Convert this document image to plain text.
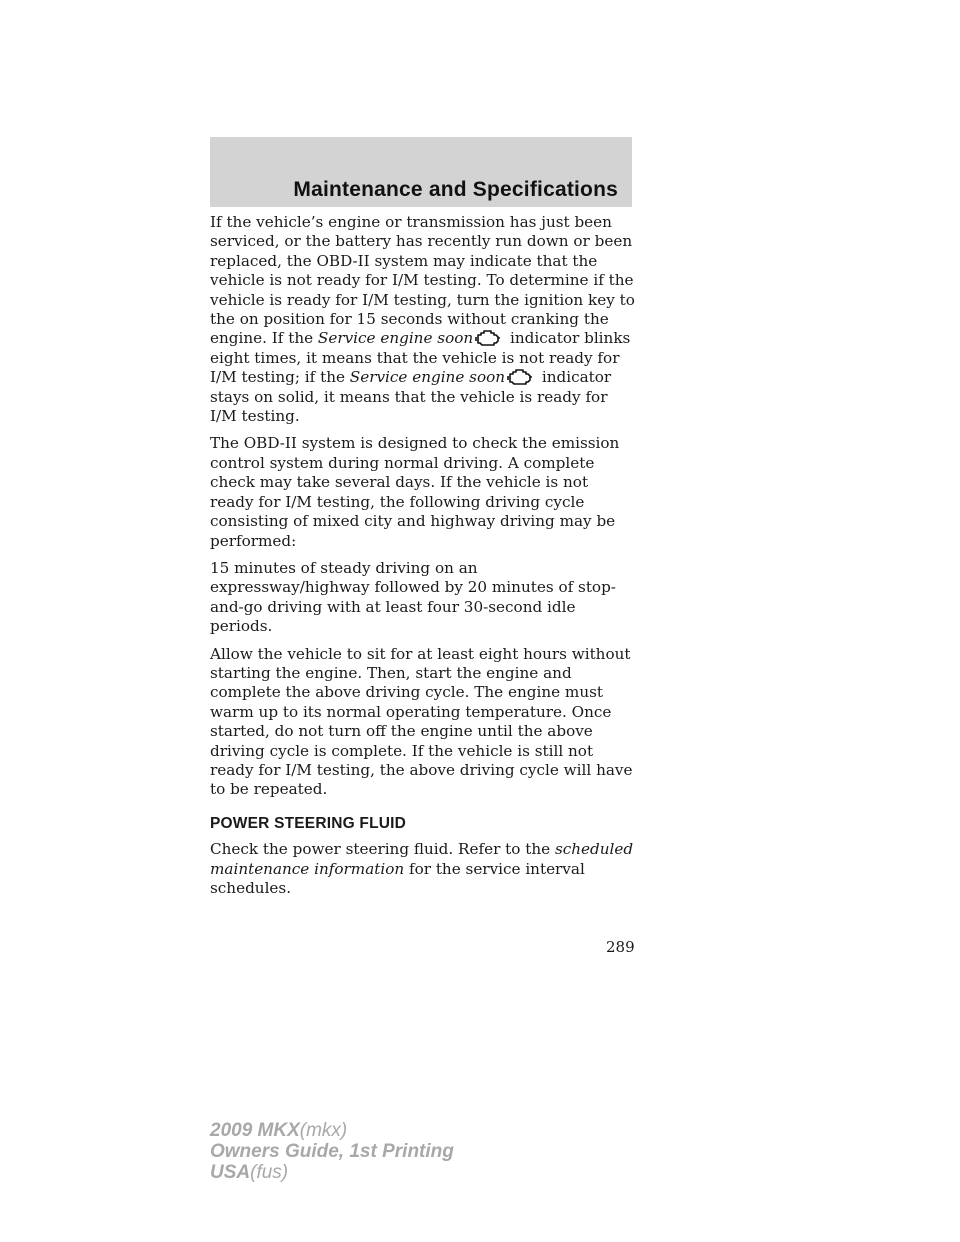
Maintenance and Specifications

If the vehicle’s engine or transmission has just been serviced, or the battery has recently run down or been replaced, the OBD-II system may indicate that the vehicle is not ready for I/M testing. To determine if the vehicle is ready for I/M testing, turn the ignition key to the on position for 15 seconds without cranking the engine. If the Service engine soon
indicator blinks eight times, it means that the vehicle is not ready for I/M testing; if the Service engine soon
indicator stays on solid, it means that the vehicle is ready for I/M testing.

The OBD-II system is designed to check the emission control system during normal driving. A complete check may take several days. If the vehicle is not ready for I/M testing, the following driving cycle consisting of mixed city and highway driving may be performed:

15 minutes of steady driving on an expressway/highway followed by 20 minutes of stop-and-go driving with at least four 30-second idle periods.

Allow the vehicle to sit for at least eight hours without starting the engine. Then, start the engine and complete the above driving cycle. The engine must warm up to its normal operating temperature. Once started, do not turn off the engine until the above driving cycle is complete. If the vehicle is still not ready for I/M testing, the above driving cycle will have to be repeated.

POWER STEERING FLUID

Check the power steering fluid. Refer to the scheduled maintenance information for the service interval schedules.

289
2009 MKX(mkx)
Owners Guide, 1st Printing
USA(fus)
